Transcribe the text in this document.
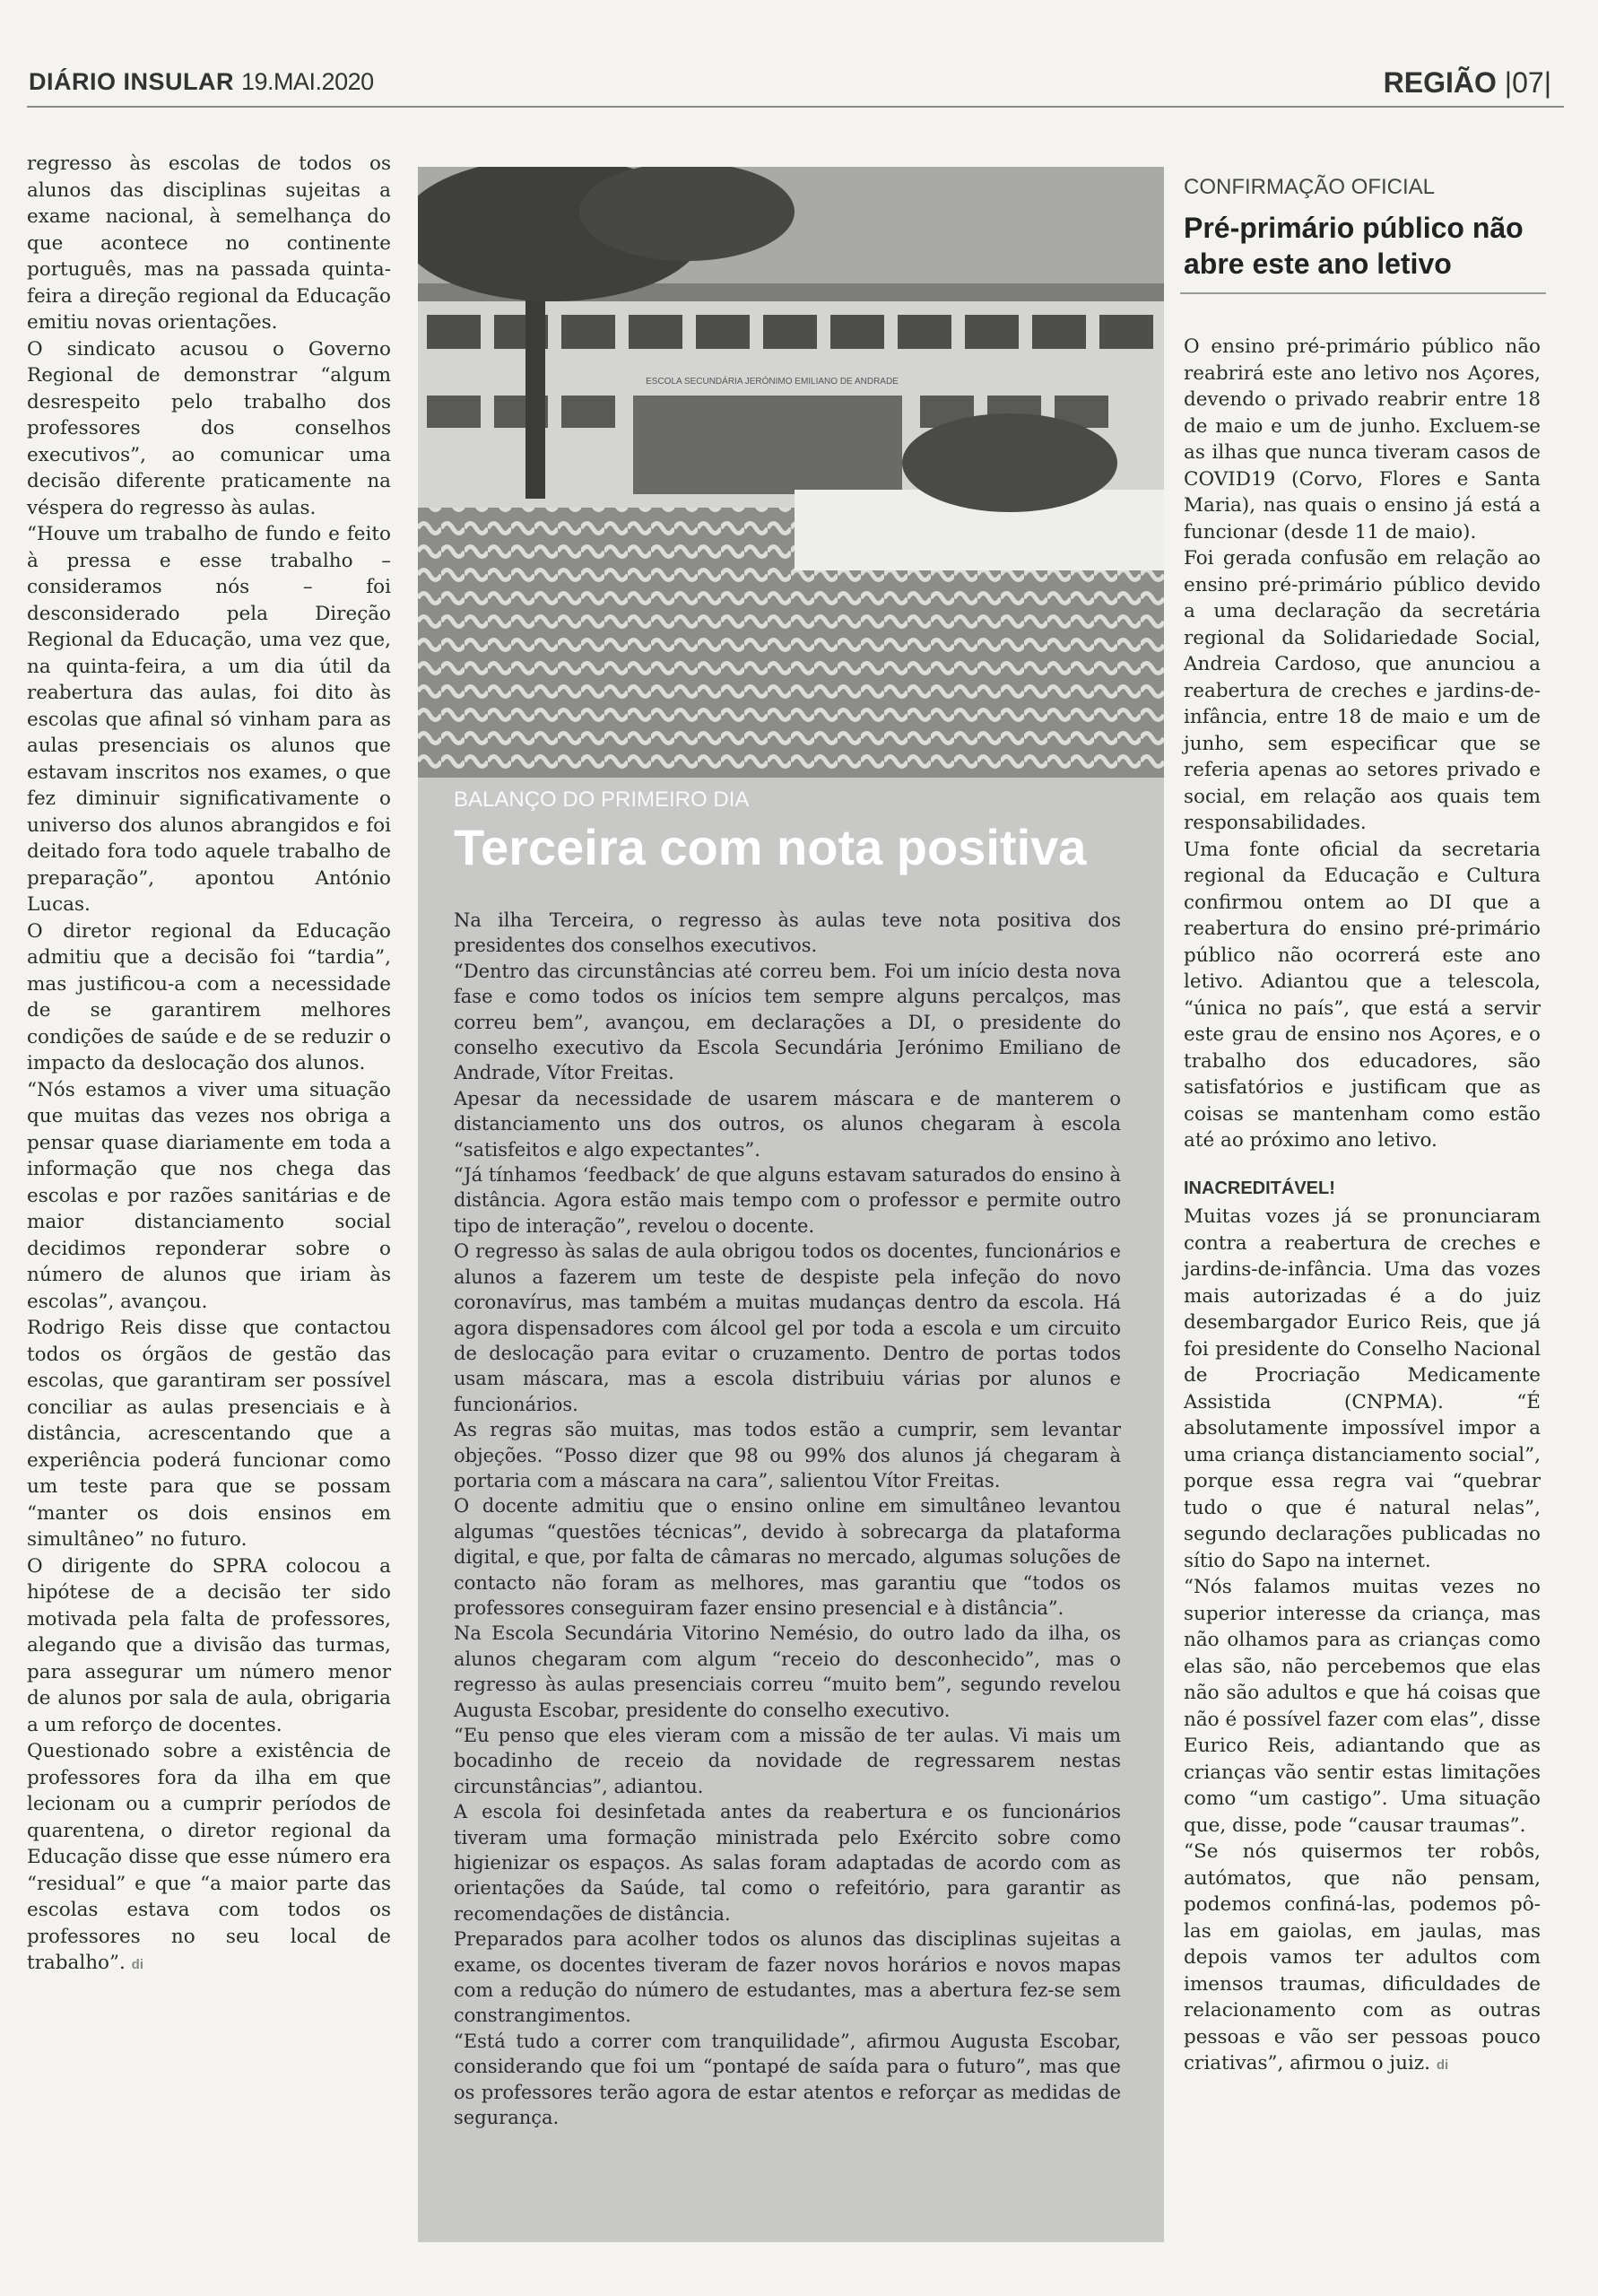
DIÁRIO INSULAR 19.MAI.2020	REGIÃO |07|

regresso às escolas de todos os alunos das disciplinas sujeitas a exame nacional, à semelhança do que acontece no continente português, mas na passada quinta-feira a direção regional da Educação emitiu novas orientações.

O sindicato acusou o Governo Regional de demonstrar “algum desrespeito pelo trabalho dos professores dos conselhos executivos”, ao comunicar uma decisão diferente praticamente na véspera do regresso às aulas.

“Houve um trabalho de fundo e feito à pressa e esse trabalho – consideramos nós – foi desconsiderado pela Direção Regional da Educação, uma vez que, na quinta-feira, a um dia útil da reabertura das aulas, foi dito às escolas que afinal só vinham para as aulas presenciais os alunos que estavam inscritos nos exames, o que fez diminuir significativamente o universo dos alunos abrangidos e foi deitado fora todo aquele trabalho de preparação”, apontou António Lucas.

O diretor regional da Educação admitiu que a decisão foi “tardia”, mas justificou-a com a necessidade de se garantirem melhores condições de saúde e de se reduzir o impacto da deslocação dos alunos.

“Nós estamos a viver uma situação que muitas das vezes nos obriga a pensar quase diariamente em toda a informação que nos chega das escolas e por razões sanitárias e de maior distanciamento social decidimos reponderar sobre o número de alunos que iriam às escolas”, avançou.

Rodrigo Reis disse que contactou todos os órgãos de gestão das escolas, que garantiram ser possível conciliar as aulas presenciais e à distância, acrescentando que a experiência poderá funcionar como um teste para que se possam “manter os dois ensinos em simultâneo” no futuro.

O dirigente do SPRA colocou a hipótese de a decisão ter sido motivada pela falta de professores, alegando que a divisão das turmas, para assegurar um número menor de alunos por sala de aula, obrigaria a um reforço de docentes.

Questionado sobre a existência de professores fora da ilha em que lecionam ou a cumprir períodos de quarentena, o diretor regional da Educação disse que esse número era “residual” e que “a maior parte das escolas estava com todos os professores no seu local de trabalho”. di

ESCOLA SECUNDÁRIA JERÓNIMO EMILIANO DE ANDRADE
BALANÇO DO PRIMEIRO DIA
Terceira com nota positiva

Na ilha Terceira, o regresso às aulas teve nota positiva dos presidentes dos conselhos executivos.

“Dentro das circunstâncias até correu bem. Foi um início desta nova fase e como todos os inícios tem sempre alguns percalços, mas correu bem”, avançou, em declarações a DI, o presidente do conselho executivo da Escola Secundária Jerónimo Emiliano de Andrade, Vítor Freitas.

Apesar da necessidade de usarem máscara e de manterem o distanciamento uns dos outros, os alunos chegaram à escola “satisfeitos e algo expectantes”.

“Já tínhamos ‘feedback’ de que alguns estavam saturados do ensino à distância. Agora estão mais tempo com o professor e permite outro tipo de interação”, revelou o docente.

O regresso às salas de aula obrigou todos os docentes, funcionários e alunos a fazerem um teste de despiste pela infeção do novo coronavírus, mas também a muitas mudanças dentro da escola. Há agora dispensadores com álcool gel por toda a escola e um circuito de deslocação para evitar o cruzamento. Dentro de portas todos usam máscara, mas a escola distribuiu várias por alunos e funcionários.

As regras são muitas, mas todos estão a cumprir, sem levantar objeções. “Posso dizer que 98 ou 99% dos alunos já chegaram à portaria com a máscara na cara”, salientou Vítor Freitas.

O docente admitiu que o ensino online em simultâneo levantou algumas “questões técnicas”, devido à sobrecarga da plataforma digital, e que, por falta de câmaras no mercado, algumas soluções de contacto não foram as melhores, mas garantiu que “todos os professores conseguiram fazer ensino presencial e à distância”.

Na Escola Secundária Vitorino Nemésio, do outro lado da ilha, os alunos chegaram com algum “receio do desconhecido”, mas o regresso às aulas presenciais correu “muito bem”, segundo revelou Augusta Escobar, presidente do conselho executivo.

“Eu penso que eles vieram com a missão de ter aulas. Vi mais um bocadinho de receio da novidade de regressarem nestas circunstâncias”, adiantou.

A escola foi desinfetada antes da reabertura e os funcionários tiveram uma formação ministrada pelo Exército sobre como higienizar os espaços. As salas foram adaptadas de acordo com as orientações da Saúde, tal como o refeitório, para garantir as recomendações de distância.

Preparados para acolher todos os alunos das disciplinas sujeitas a exame, os docentes tiveram de fazer novos horários e novos mapas com a redução do número de estudantes, mas a abertura fez-se sem constrangimentos.

“Está tudo a correr com tranquilidade”, afirmou Augusta Escobar, considerando que foi um “pontapé de saída para o futuro”, mas que os professores terão agora de estar atentos e reforçar as medidas de segurança.

CONFIRMAÇÃO OFICIAL
Pré-primário público não abre este ano letivo

O ensino pré-primário público não reabrirá este ano letivo nos Açores, devendo o privado reabrir entre 18 de maio e um de junho. Excluem-se as ilhas que nunca tiveram casos de COVID19 (Corvo, Flores e Santa Maria), nas quais o ensino já está a funcionar (desde 11 de maio).

Foi gerada confusão em relação ao ensino pré-primário público devido a uma declaração da secretária regional da Solidariedade Social, Andreia Cardoso, que anunciou a reabertura de creches e jardins-de-infância, entre 18 de maio e um de junho, sem especificar que se referia apenas ao setores privado e social, em relação aos quais tem responsabilidades.

Uma fonte oficial da secretaria regional da Educação e Cultura confirmou ontem ao DI que a reabertura do ensino pré-primário público não ocorrerá este ano letivo. Adiantou que a telescola, “única no país”, que está a servir este grau de ensino nos Açores, e o trabalho dos educadores, são satisfatórios e justificam que as coisas se mantenham como estão até ao próximo ano letivo.

INACREDITÁVEL!

Muitas vozes já se pronunciaram contra a reabertura de creches e jardins-de-infância. Uma das vozes mais autorizadas é a do juiz desembargador Eurico Reis, que já foi presidente do Conselho Nacional de Procriação Medicamente Assistida (CNPMA). “É absolutamente impossível impor a uma criança distanciamento social”, porque essa regra vai “quebrar tudo o que é natural nelas”, segundo declarações publicadas no sítio do Sapo na internet.

“Nós falamos muitas vezes no superior interesse da criança, mas não olhamos para as crianças como elas são, não percebemos que elas não são adultos e que há coisas que não é possível fazer com elas”, disse Eurico Reis, adiantando que as crianças vão sentir estas limitações como “um castigo”. Uma situação que, disse, pode “causar traumas”.

“Se nós quisermos ter robôs, autómatos, que não pensam, podemos confiná-las, podemos pô-las em gaiolas, em jaulas, mas depois vamos ter adultos com imensos traumas, dificuldades de relacionamento com as outras pessoas e vão ser pessoas pouco criativas”, afirmou o juiz. di
